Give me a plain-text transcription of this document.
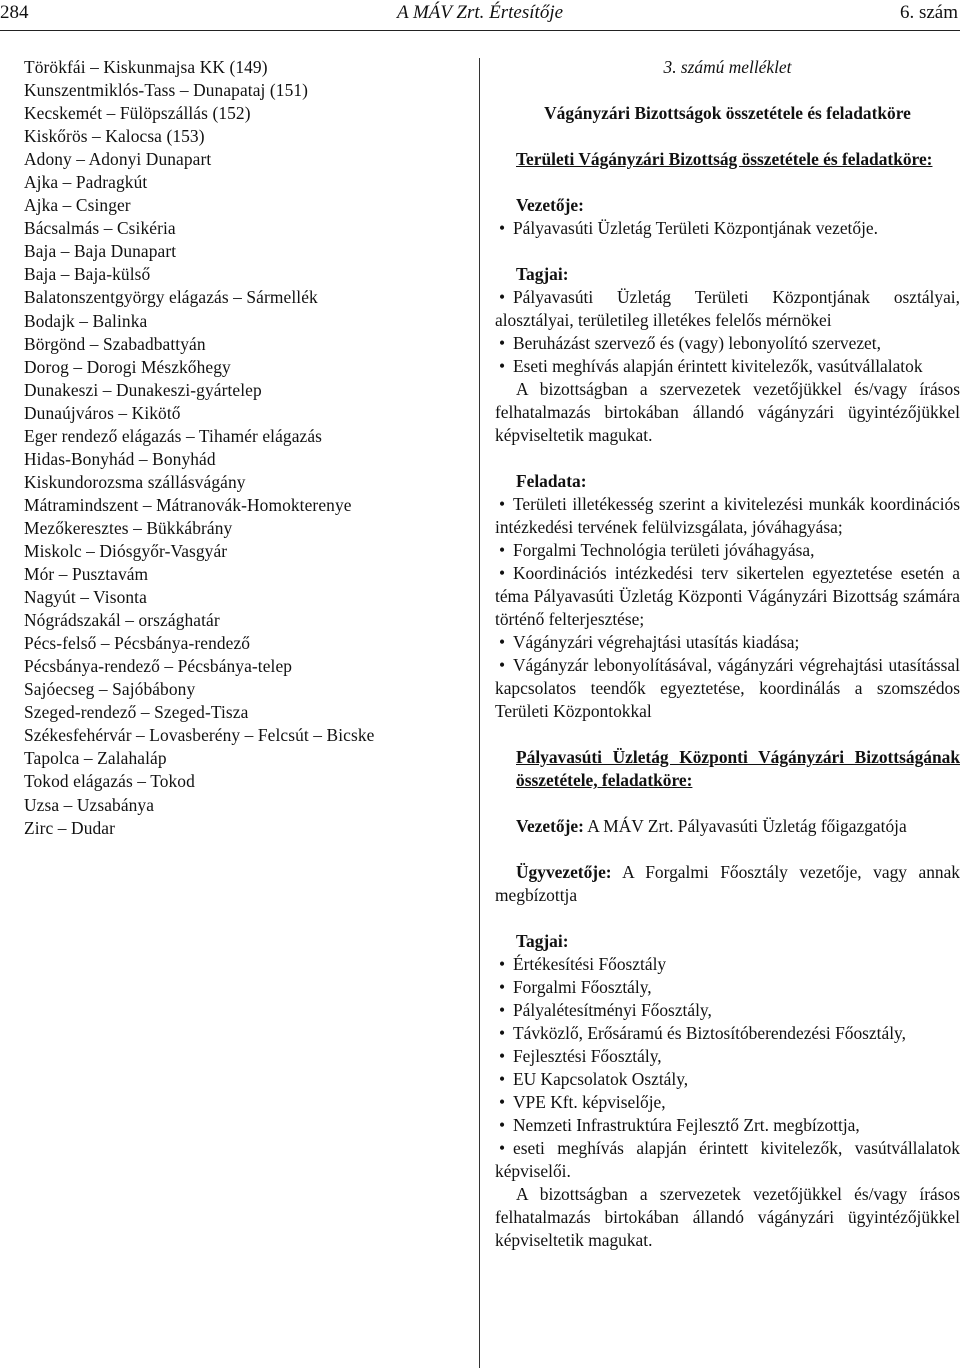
284	A MÁV Zrt. Értesítője	6. szám
Törökfái – Kiskunmajsa KK (149)
Kunszentmiklós-Tass – Dunapataj (151)
Kecskemét – Fülöpszállás (152)
Kiskőrös – Kalocsa (153)
Adony – Adonyi Dunapart
Ajka – Padragkút
Ajka – Csinger
Bácsalmás – Csikéria
Baja – Baja Dunapart
Baja – Baja-külső
Balatonszentgyörgy elágazás – Sármellék
Bodajk – Balinka
Börgönd – Szabadbattyán
Dorog – Dorogi Mészkőhegy
Dunakeszi – Dunakeszi-gyártelep
Dunaújváros – Kikötő
Eger rendező elágazás – Tihamér elágazás
Hidas-Bonyhád – Bonyhád
Kiskundorozsma szállásvágány
Mátramindszent – Mátranovák-Homokterenye
Mezőkeresztes – Bükkábrány
Miskolc – Diósgyőr-Vasgyár
Mór – Pusztavám
Nagyút – Visonta
Nógrádszakál – országhatár
Pécs-felső – Pécsbánya-rendező
Pécsbánya-rendező – Pécsbánya-telep
Sajóecseg – Sajóbábony
Szeged-rendező – Szeged-Tisza
Székesfehérvár – Lovasberény – Felcsút – Bicske
Tapolca – Zalahaláp
Tokod elágazás – Tokod
Uzsa – Uzsabánya
Zirc – Dudar

3. számú melléklet

Vágányzári Bizottságok összetétele és feladatköre

Területi Vágányzári Bizottság összetétele és feladatköre:

Vezetője:

• Pályavasúti Üzletág Területi Központjának vezetője.

Tagjai:

• Pályavasúti Üzletág Területi Központjának osztályai, alosztályai, területileg illetékes felelős mérnökei

• Beruházást szervező és (vagy) lebonyolító szervezet,

• Eseti meghívás alapján érintett kivitelezők, vasútvállalatok

A bizottságban a szervezetek vezetőjükkel és/vagy írásos felhatalmazás birtokában állandó vágányzári ügyintézőjükkel képviseltetik magukat.

Feladata:

• Területi illetékesség szerint a kivitelezési munkák koordinációs intézkedési tervének felülvizsgálata, jóváhagyása;

• Forgalmi Technológia területi jóváhagyása,

• Koordinációs intézkedési terv sikertelen egyeztetése esetén a téma Pályavasúti Üzletág Központi Vágányzári Bizottság számára történő felterjesztése;

• Vágányzári végrehajtási utasítás kiadása;

• Vágányzár lebonyolításával, vágányzári végrehajtási utasítással kapcsolatos teendők egyeztetése, koordinálás a szomszédos Területi Központokkal

Pályavasúti Üzletág Központi Vágányzári Bizottságának összetétele, feladatköre:

Vezetője: A MÁV Zrt. Pályavasúti Üzletág főigazgatója

Ügyvezetője: A Forgalmi Főosztály vezetője, vagy annak megbízottja

Tagjai:

• Értékesítési Főosztály

• Forgalmi Főosztály,

• Pályalétesítményi Főosztály,

• Távközlő, Erősáramú és Biztosítóberendezési Főosztály,

• Fejlesztési Főosztály,

• EU Kapcsolatok Osztály,

• VPE Kft. képviselője,

• Nemzeti Infrastruktúra Fejlesztő Zrt. megbízottja,

• eseti meghívás alapján érintett kivitelezők, vasútvállalatok képviselői.

A bizottságban a szervezetek vezetőjükkel és/vagy írásos felhatalmazás birtokában állandó vágányzári ügyintézőjükkel képviseltetik magukat.
